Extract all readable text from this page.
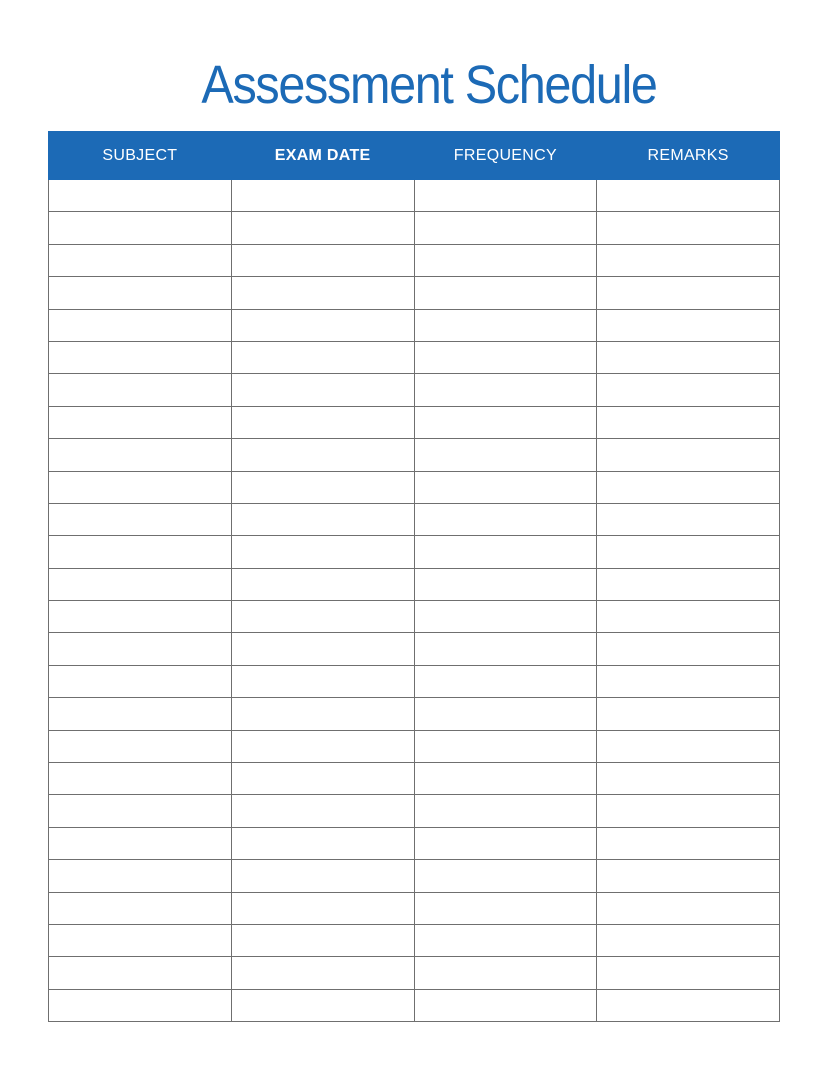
Assessment Schedule
SUBJECT	EXAM DATE	FREQUENCY	REMARKS
